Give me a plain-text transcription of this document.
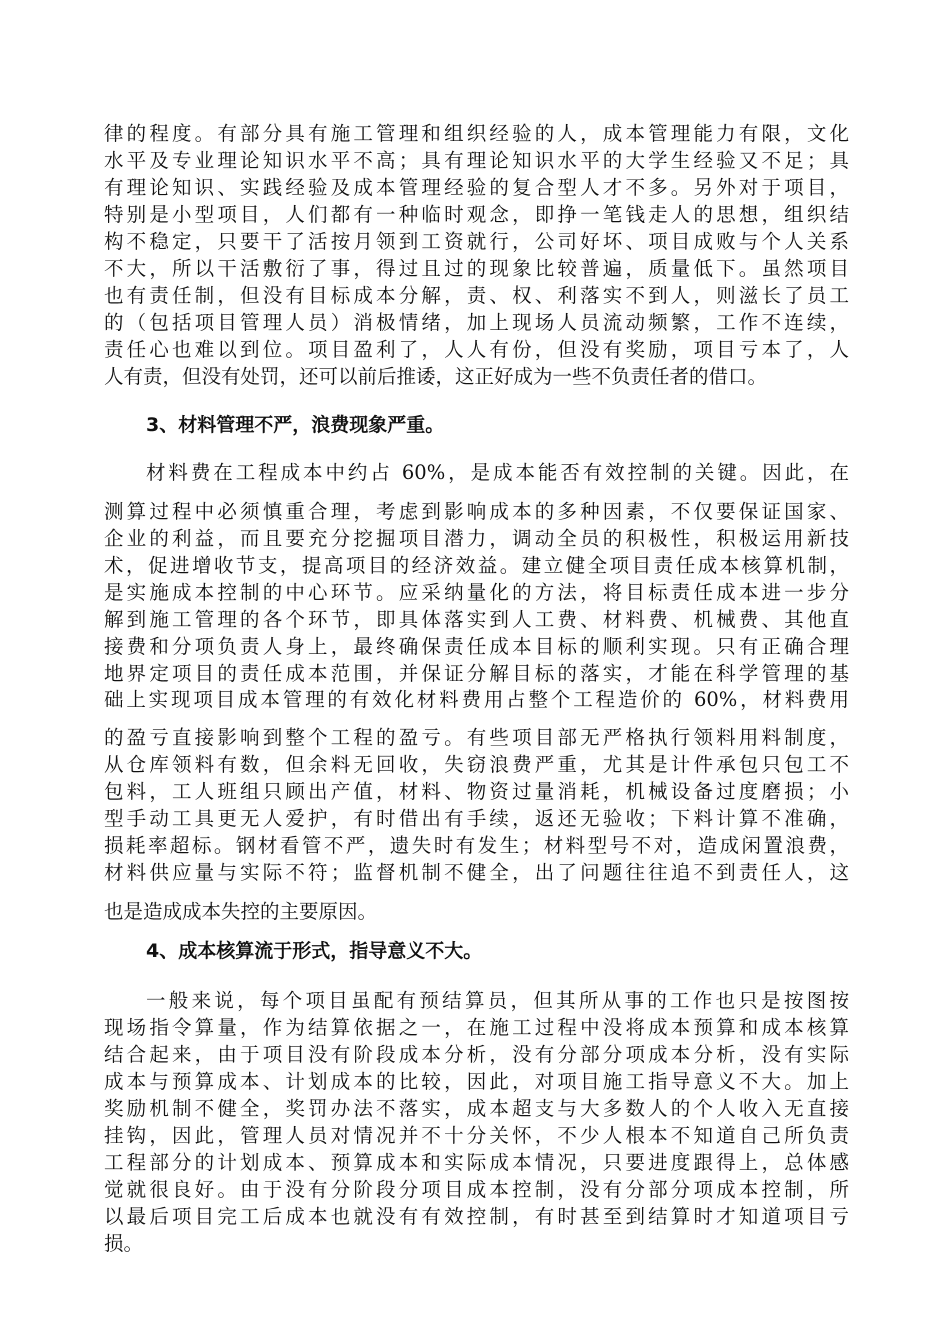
律的程度。有部分具有施工管理和组织经验的人，成本管理能力有限，文化
水平及专业理论知识水平不高；具有理论知识水平的大学生经验又不足；具
有理论知识、实践经验及成本管理经验的复合型人才不多。另外对于项目，
特别是小型项目，人们都有一种临时观念，即挣一笔钱走人的思想，组织结
构不稳定，只要干了活按月领到工资就行，公司好坏、项目成败与个人关系
不大，所以干活敷衍了事，得过且过的现象比较普遍，质量低下。虽然项目
也有责任制，但没有目标成本分解，责、权、利落实不到人，则滋长了员工
的（包括项目管理人员）消极情绪，加上现场人员流动频繁，工作不连续，
责任心也难以到位。项目盈利了，人人有份，但没有奖励，项目亏本了，人
人有责，但没有处罚，还可以前后推诿，这正好成为一些不负责任者的借口。
3、材料管理不严，浪费现象严重。
材料费在工程成本中约占 60%，是成本能否有效控制的关键。因此，在
测算过程中必须慎重合理，考虑到影响成本的多种因素，不仅要保证国家、
企业的利益，而且要充分挖掘项目潜力，调动全员的积极性，积极运用新技
术，促进增收节支，提高项目的经济效益。建立健全项目责任成本核算机制，
是实施成本控制的中心环节。应采纳量化的方法，将目标责任成本进一步分
解到施工管理的各个环节，即具体落实到人工费、材料费、机械费、其他直
接费和分项负责人身上，最终确保责任成本目标的顺利实现。只有正确合理
地界定项目的责任成本范围，并保证分解目标的落实，才能在科学管理的基
础上实现项目成本管理的有效化材料费用占整个工程造价的 60%，材料费用
的盈亏直接影响到整个工程的盈亏。有些项目部无严格执行领料用料制度，
从仓库领料有数，但余料无回收，失窃浪费严重，尤其是计件承包只包工不
包料，工人班组只顾出产值，材料、物资过量消耗，机械设备过度磨损；小
型手动工具更无人爱护，有时借出有手续，返还无验收；下料计算不准确，
损耗率超标。钢材看管不严，遗失时有发生；材料型号不对，造成闲置浪费，
材料供应量与实际不符；监督机制不健全，出了问题往往追不到责任人，这
也是造成成本失控的主要原因。
4、成本核算流于形式，指导意义不大。
一般来说，每个项目虽配有预结算员，但其所从事的工作也只是按图按
现场指令算量，作为结算依据之一，在施工过程中没将成本预算和成本核算
结合起来，由于项目没有阶段成本分析，没有分部分项成本分析，没有实际
成本与预算成本、计划成本的比较，因此，对项目施工指导意义不大。加上
奖励机制不健全，奖罚办法不落实，成本超支与大多数人的个人收入无直接
挂钩，因此，管理人员对情况并不十分关怀，不少人根本不知道自己所负责
工程部分的计划成本、预算成本和实际成本情况，只要进度跟得上，总体感
觉就很良好。由于没有分阶段分项目成本控制，没有分部分项成本控制，所
以最后项目完工后成本也就没有有效控制，有时甚至到结算时才知道项目亏
损。
